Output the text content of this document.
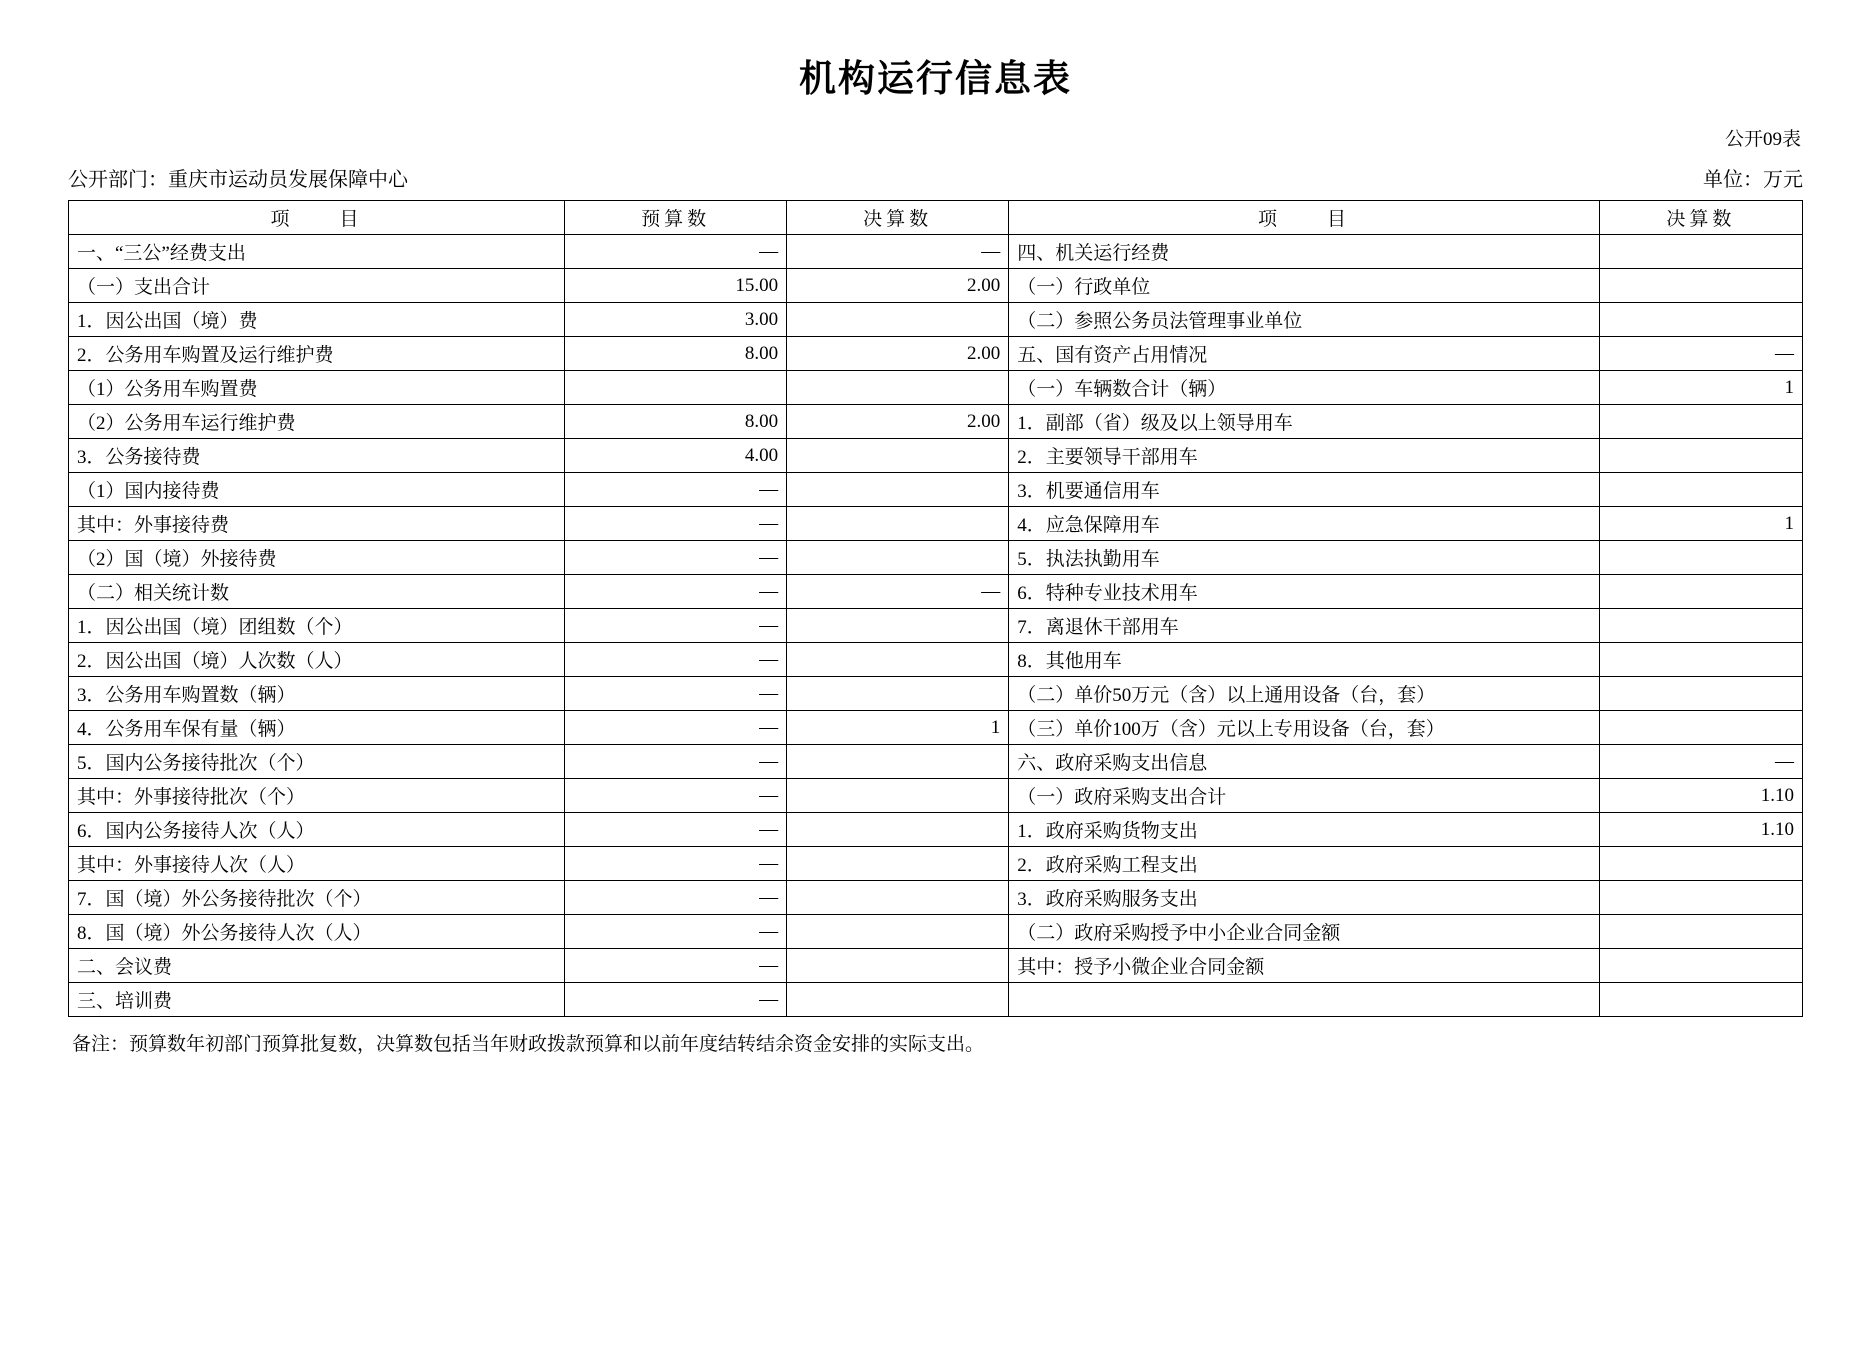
机构运行信息表
公开09表
公开部门：重庆市运动员发展保障中心	单位：万元
项　　目	预算数	决算数	项　　目	决算数
一、“三公”经费支出	—	—	四、机关运行经费	
（一）支出合计	15.00	2.00	（一）行政单位	
1．因公出国（境）费	3.00		（二）参照公务员法管理事业单位	
2．公务用车购置及运行维护费	8.00	2.00	五、国有资产占用情况	—
（1）公务用车购置费			（一）车辆数合计（辆）	1
（2）公务用车运行维护费	8.00	2.00	1．副部（省）级及以上领导用车	
3．公务接待费	4.00		2．主要领导干部用车	
（1）国内接待费	—		3．机要通信用车	
其中：外事接待费	—		4．应急保障用车	1
（2）国（境）外接待费	—		5．执法执勤用车	
（二）相关统计数	—	—	6．特种专业技术用车	
1．因公出国（境）团组数（个）	—		7．离退休干部用车	
2．因公出国（境）人次数（人）	—		8．其他用车	
3．公务用车购置数（辆）	—		（二）单价50万元（含）以上通用设备（台，套）	
4．公务用车保有量（辆）	—	1	（三）单价100万（含）元以上专用设备（台，套）	
5．国内公务接待批次（个）	—		六、政府采购支出信息	—
其中：外事接待批次（个）	—		（一）政府采购支出合计	1.10
6．国内公务接待人次（人）	—		1．政府采购货物支出	1.10
其中：外事接待人次（人）	—		2．政府采购工程支出	
7．国（境）外公务接待批次（个）	—		3．政府采购服务支出	
8．国（境）外公务接待人次（人）	—		（二）政府采购授予中小企业合同金额	
二、会议费	—		其中：授予小微企业合同金额	
三、培训费	—			
备注：预算数年初部门预算批复数，决算数包括当年财政拨款预算和以前年度结转结余资金安排的实际支出。
